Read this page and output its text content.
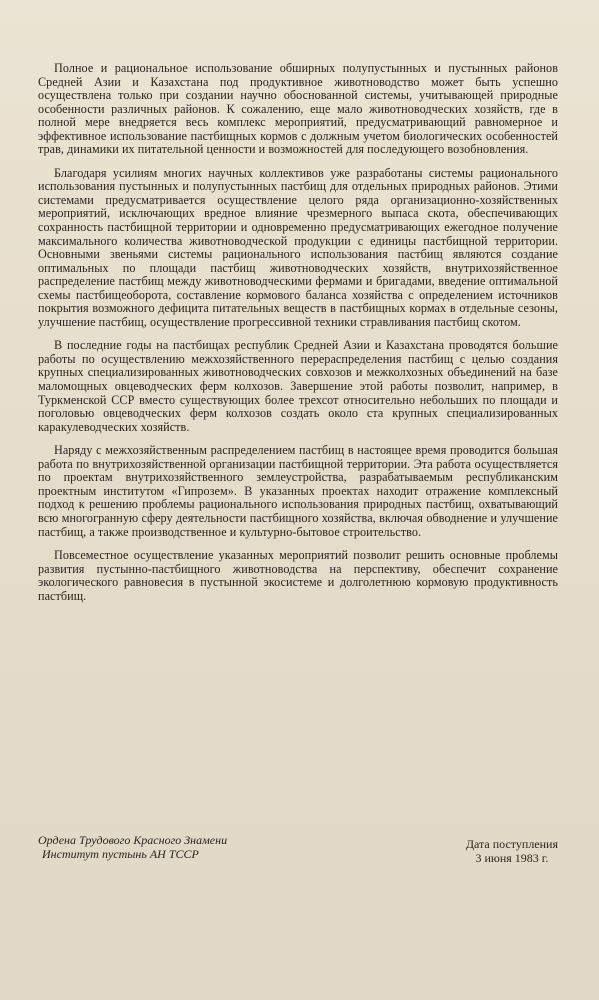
Полное и рациональное использование обширных полупустынных и пустынных районов Средней Азии и Казахстана под продуктивное животноводство может быть успешно осуществлена только при создании научно обоснованной системы, учитывающей природные особенности различных районов. К сожалению, еще мало животноводческих хозяйств, где в полной мере внедряется весь комплекс мероприятий, предусматривающий равномерное и эффективное использование пастбищных кормов с должным учетом биологических особенностей трав, динамики их питательной ценности и возможностей для последующего возобновления.

Благодаря усилиям многих научных коллективов уже разработаны системы рационального использования пустынных и полупустынных пастбищ для отдельных природных районов. Этими системами предусматривается осуществление целого ряда организационно-хозяйственных мероприятий, исключающих вредное влияние чрезмерного выпаса скота, обеспечивающих сохранность пастбищной территории и одновременно предусматривающих ежегодное получение максимального количества животноводческой продукции с единицы пастбищной территории. Основными звеньями системы рационального использования пастбищ являются создание оптимальных по площади пастбищ животноводческих хозяйств, внутрихозяйственное распределение пастбищ между животноводческими фермами и бригадами, введение оптимальной схемы пастбищеоборота, составление кормового баланса хозяйства с определением источников покрытия возможного дефицита питательных веществ в пастбищных кормах в отдельные сезоны, улучшение пастбищ, осуществление прогрессивной техники стравливания пастбищ скотом.

В последние годы на пастбищах республик Средней Азии и Казахстана проводятся большие работы по осуществлению межхозяйственного перераспределения пастбищ с целью создания крупных специализированных животноводческих совхозов и межколхозных объединений на базе маломощных овцеводческих ферм колхозов. Завершение этой работы позволит, например, в Туркменской ССР вместо существующих более трехсот относительно небольших по площади и поголовью овцеводческих ферм колхозов создать около ста крупных специализированных каракулеводческих хозяйств.

Наряду с межхозяйственным распределением пастбищ в настоящее время проводится большая работа по внутрихозяйственной организации пастбищной территории. Эта работа осуществляется по проектам внутрихозяйственного землеустройства, разрабатываемым республиканским проектным институтом «Гипрозем». В указанных проектах находит отражение комплексный подход к решению проблемы рационального использования природных пастбищ, охватывающий всю многогранную сферу деятельности пастбищного хозяйства, включая обводнение и улучшение пастбищ, а также производственное и культурно-бытовое строительство.

Повсеместное осуществление указанных мероприятий позволит решить основные проблемы развития пустынно-пастбищного животноводства на перспективу, обеспечит сохранение экологического равновесия в пустынной экосистеме и долголетнюю кормовую продуктивность пастбищ.

Ордена Трудового Красного Знамени
Институт пустынь АН ТССР
Дата поступления
3 июня 1983 г.
